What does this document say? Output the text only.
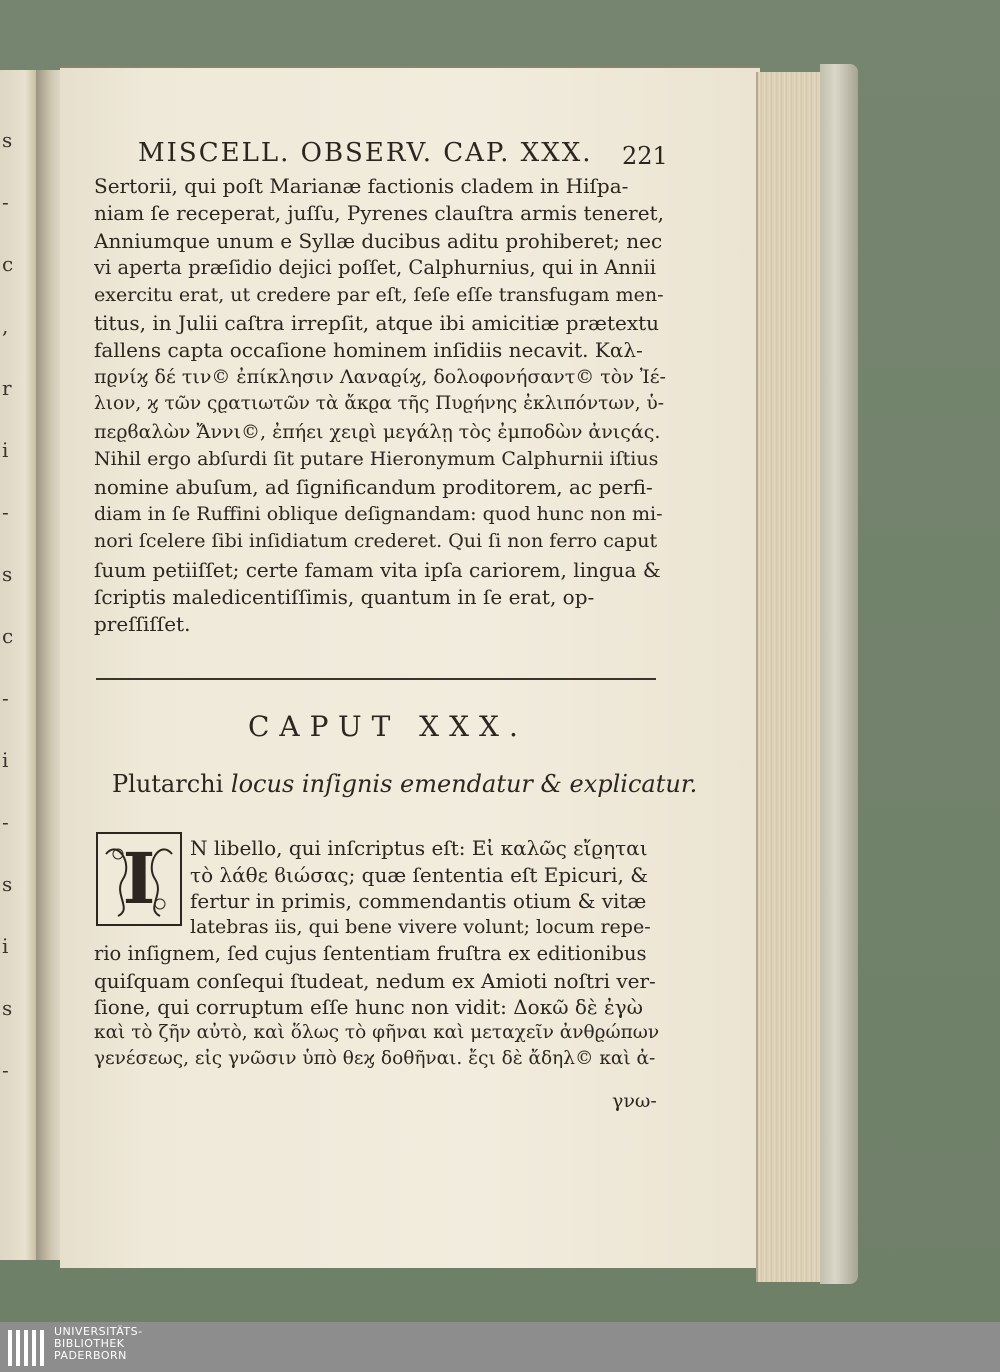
s
-
c
,
r
i
-
s
c
-
i
-
s
i
s
-
MISCELL. OBSERV. CAP. XXX.	221
Sertorii, qui poſt Marianæ factionis cladem in Hiſpa-
niam ſe receperat, juſſu, Pyrenes clauſtra armis teneret,
Anniumque unum e Syllæ ducibus aditu prohiberet; nec
vi aperta præſidio dejici poſſet, Calphurnius, qui in Annii
exercitu erat, ut credere par eſt, ſeſe eſſe transfugam men-
titus, in Julii caſtra irrepſit, atque ibi amicitiæ prætextu
fallens capta occaſione hominem inſidiis necavit. Καλ-
πϱνίϗ δέ τιν© ἐπίκλησιν Λαναϱίϗ, δολοφονήσαντ© τὸν Ἰέ-
λιον, ϗ τῶν ςϱατιωτῶν τὰ ἄκϱα τῆς Πυϱήνης ἐκλιπόντων, ὑ-
πεϱϐαλὼν Ἄννι©, ἐπήει χειϱὶ μεγάλῃ τὸς ἐμποδὼν ἀνιςάς.
Nihil ergo abſurdi ſit putare Hieronymum Calphurnii iſtius
nomine abuſum, ad ſignificandum proditorem, ac perfi-
diam in ſe Ruffini oblique deſignandam: quod hunc non mi-
nori ſcelere ſibi inſidiatum crederet. Qui ſi non ferro caput
ſuum petiiſſet; certe famam vita ipſa cariorem, lingua &
ſcriptis maledicentiſſimis, quantum in ſe erat, op-
preſſiſſet.
CAPUT XXX.
Plutarchi locus inſignis emendatur & explicatur.
I	N libello, qui inſcriptus eſt: Εἰ καλῶς εἴϱηται
τὸ λάθε ϐιώσας; quæ ſententia eſt Epicuri, &
fertur in primis, commendantis otium & vitæ
latebras iis, qui bene vivere volunt; locum repe-
rio inſignem, ſed cujus ſententiam fruſtra ex editionibus
quiſquam conſequi ſtudeat, nedum ex Amioti noſtri ver-
ſione, qui corruptum eſſe hunc non vidit: Δοκῶ δὲ ἐγὼ
καὶ τὸ ζῆν αὐτὸ, καὶ ὅλως τὸ φῆναι καὶ μεταχεῖν ἀνθϱώπων
γενέσεως, εἰς γνῶσιν ὑπὸ θεϗ δοθῆναι. ἔςι δὲ ἄδηλ© καὶ ἀ-
γνω-
UNIVERSITÄTS-
BIBLIOTHEK
PADERBORN
